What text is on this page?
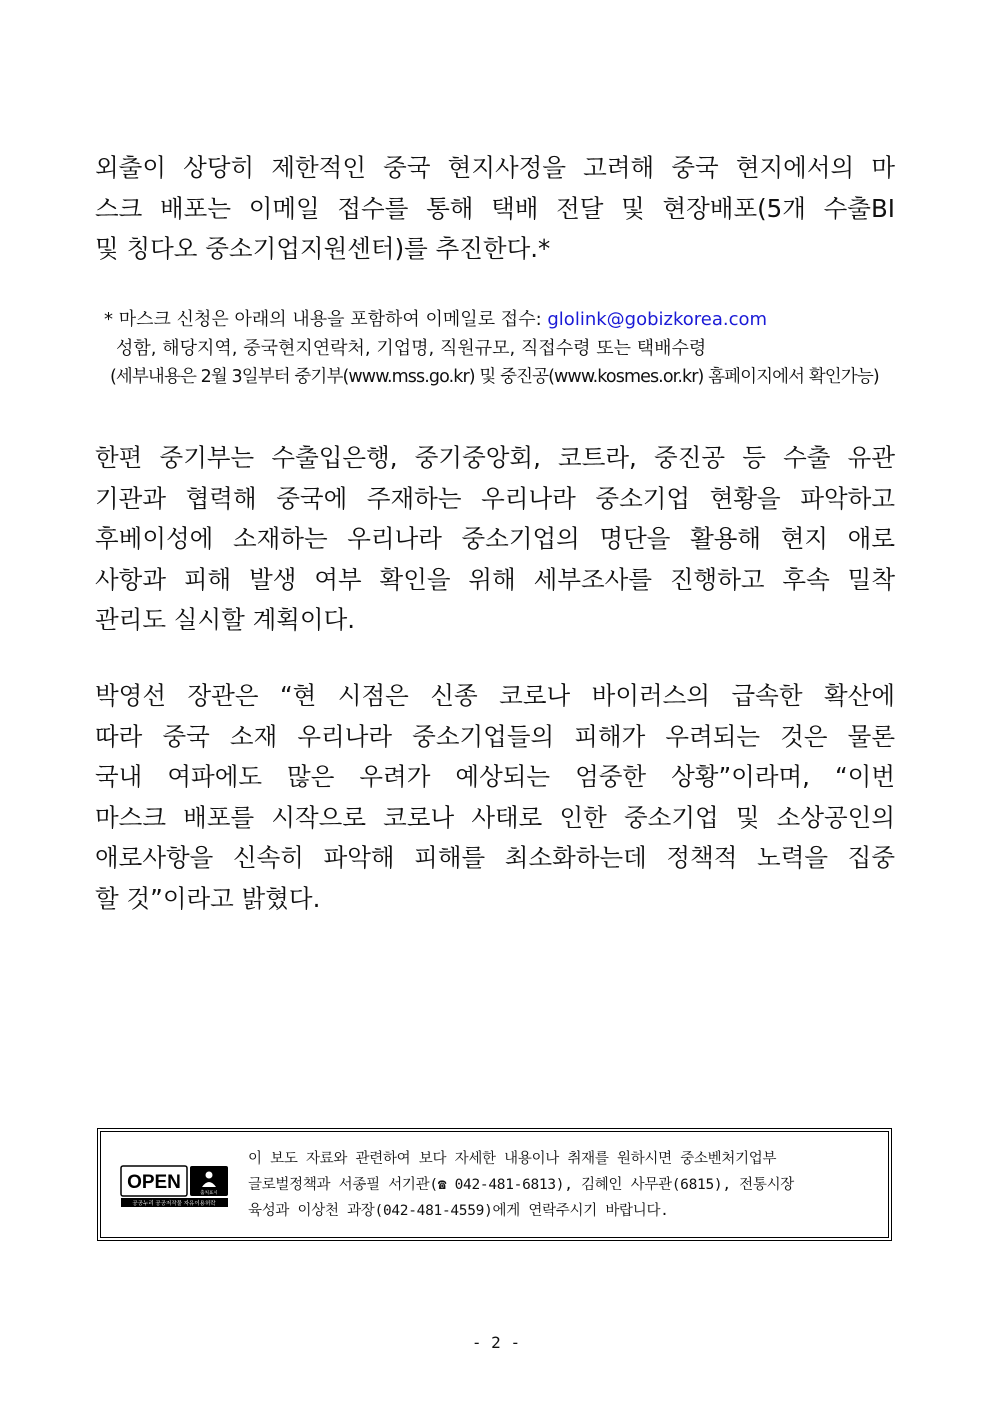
외출이 상당히 제한적인 중국 현지사정을 고려해 중국 현지에서의 마
스크 배포는 이메일 접수를 통해 택배 전달 및 현장배포(5개 수출BI
및 칭다오 중소기업지원센터)를 추진한다.*
* 마스크 신청은 아래의 내용을 포함하여 이메일로 접수: glolink@gobizkorea.com
성함, 해당지역, 중국현지연락처, 기업명, 직원규모, 직접수령 또는 택배수령
(세부내용은 2월 3일부터 중기부(www.mss.go.kr) 및 중진공(www.kosmes.or.kr) 홈페이지에서 확인가능)
한편 중기부는 수출입은행, 중기중앙회, 코트라, 중진공 등 수출 유관
기관과 협력해 중국에 주재하는 우리나라 중소기업 현황을 파악하고
후베이성에 소재하는 우리나라 중소기업의 명단을 활용해 현지 애로
사항과 피해 발생 여부 확인을 위해 세부조사를 진행하고 후속 밀착
관리도 실시할 계획이다.
박영선 장관은 “현 시점은 신종 코로나 바이러스의 급속한 확산에
따라 중국 소재 우리나라 중소기업들의 피해가 우려되는 것은 물론
국내 여파에도 많은 우려가 예상되는 엄중한 상황”이라며, “이번
마스크 배포를 시작으로 코로나 사태로 인한 중소기업 및 소상공인의
애로사항을 신속히 파악해 피해를 최소화하는데 정책적 노력을 집중
할 것”이라고 밝혔다.
OPEN
출처표시
공공누리 공공저작물 자유이용허락
이 보도 자료와 관련하여 보다 자세한 내용이나 취재를 원하시면 중소벤처기업부
글로벌정책과 서종필 서기관(☎ 042-481-6813), 김혜인 사무관(6815), 전통시장
육성과 이상천 과장(042-481-4559)에게 연락주시기 바랍니다.
- 2 -
